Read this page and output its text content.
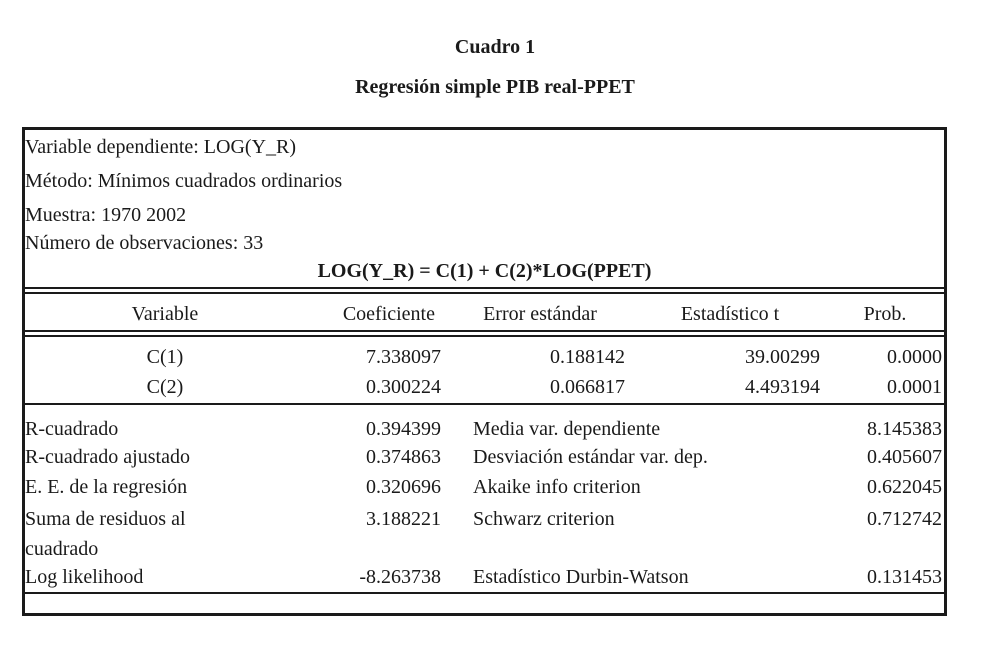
Cuadro 1
Regresión simple PIB real-PPET
Variable dependiente: LOG(Y_R)
Método: Mínimos cuadrados ordinarios
Muestra: 1970 2002
Número de observaciones: 33
LOG(Y_R) = C(1) + C(2)*LOG(PPET)
Variable	Coeficiente	Error estándar	Estadístico t	Prob.
C(1)	7.338097	0.188142	39.00299	0.0000
C(2)	0.300224	0.066817	4.493194	0.0001
R-cuadrado	0.394399 Media var. dependiente	8.145383
R-cuadrado ajustado	0.374863 Desviación estándar var. dep.	0.405607
E. E. de la regresión	0.320696 Akaike info criterion	0.622045
Suma de residuos al	3.188221 Schwarz criterion	0.712742
cuadrado
Log likelihood	-8.263738 Estadístico Durbin-Watson	0.131453
